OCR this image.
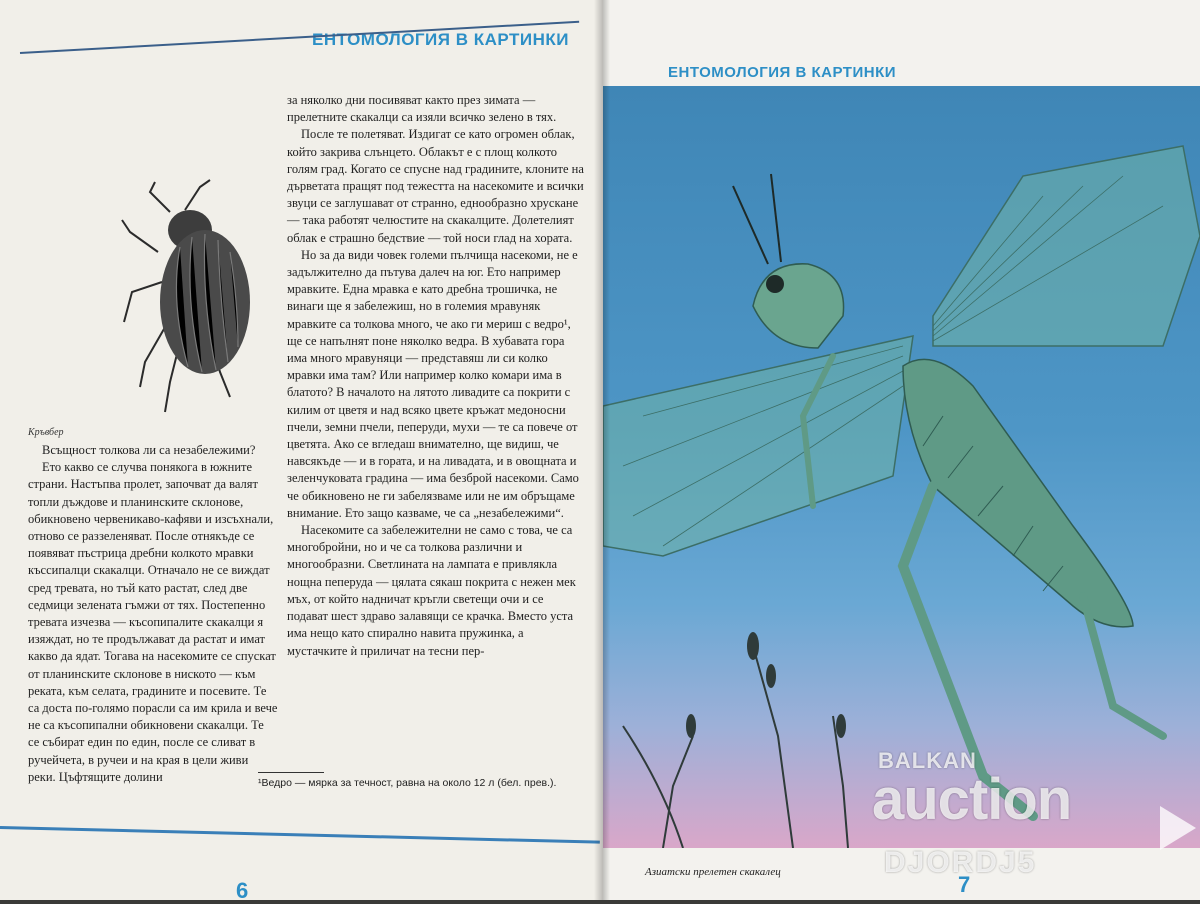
ЕНТОМОЛОГИЯ В КАРТИНКИ
Кръвбер

Всъщност толкова ли са незабележими?

Ето какво се случва понякога в южните страни. Настъпва пролет, започват да валят топли дъждове и планинските склонове, обикновено червеникаво-кафяви и изсъхнали, отново се раззеленяват. После отнякъде се появяват пъстрица дребни колкото мравки къссипалци скакалци. Отначало не се виждат сред тревата, но тъй като растат, след две седмици зелената гъмжи от тях. Постепенно тревата изчезва — късопипалите скакалци я изяждат, но те продължават да растат и имат какво да ядат. Тогава на насекомите се спускат от планинските склонове в ниското — към реката, към селата, градините и посевите. Те са доста по-голямо порасли са им крила и вече не са късопипални обикновени скакалци. Те се събират един по един, после се сливат в ручейчета, в ручеи и на края в цели живи реки. Цъфтящите долини

за няколко дни посивяват както през зимата — прелетните скакалци са изяли всичко зелено в тях.

После те полетяват. Издигат се като огромен облак, който закрива слънцето. Облакът е с площ колкото голям град. Когато се спусне над градините, клоните на дърветата пращят под тежестта на насекомите и всички звуци се заглушават от странно, еднообразно хрускане — така работят челюстите на скакалците. Долетелият облак е страшно бедствие — той носи глад на хората.

Но за да види човек големи пълчища насекоми, не е задължително да пътува далеч на юг. Ето например мравките. Една мравка е като дребна трошичка, не винаги ще я забележиш, но в големия мравуняк мравките са толкова много, че ако ги мериш с ведро¹, ще се напълнят поне няколко ведра. В хубавата гора има много мравуняци — представяш ли си колко мравки има там? Или например колко комари има в блатото? В началото на лятото ливадите са покрити с килим от цветя и над всяко цвете кръжат медоносни пчели, земни пчели, пеперуди, мухи — те са повече от цветята. Ако се вгледаш внимателно, ще видиш, че навсякъде — и в гората, и на ливадата, и в овощната и зеленчуковата градина — има безброй насекоми. Само че обикновено не ги забелязваме или не им обръщаме внимание. Ето защо казваме, че са „незабележими“.

Насекомите са забележителни не само с това, че са многобройни, но и че са толкова различни и многообразни. Светлината на лампата е привлякла нощна пеперуда — цялата сякаш покрита с нежен мек мъх, от който надничат кръгли светещи очи и се подават шест здраво залавящи се крачка. Вместо уста има нещо като спирално навита пружинка, а мустачките ѝ приличат на тесни пер-

¹Ведро — мярка за течност, равна на около 12 л (бел. прев.).
6
ЕНТОМОЛОГИЯ В КАРТИНКИ
Азиатски прелетен скакалец	7
BALKAN
auction
DJORDJ5
